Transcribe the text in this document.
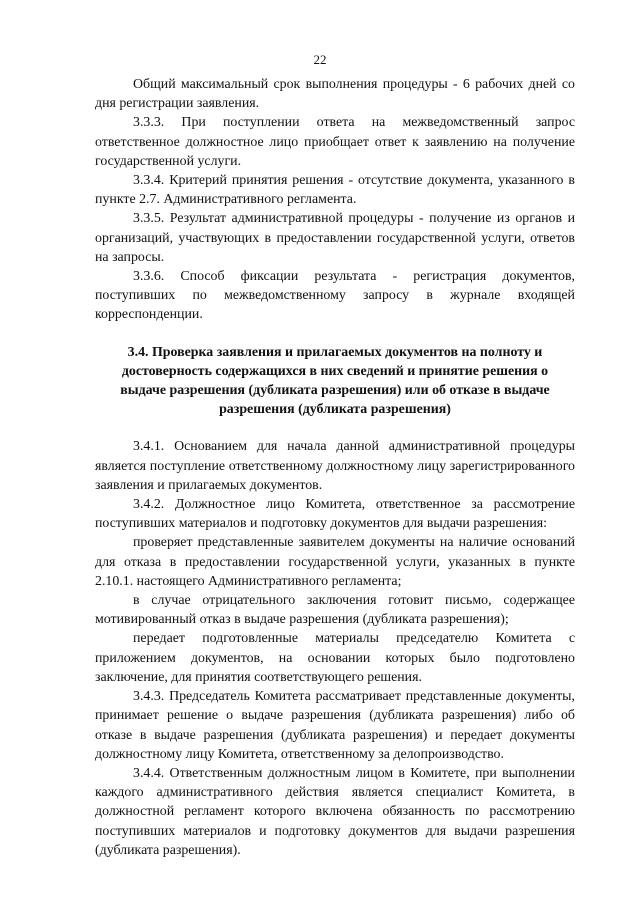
22

Общий максимальный срок выполнения процедуры - 6 рабочих дней со дня регистрации заявления.

3.3.3. При поступлении ответа на межведомственный запрос ответственное должностное лицо приобщает ответ к заявлению на получение государственной услуги.

3.3.4. Критерий принятия решения - отсутствие документа, указанного в пункте 2.7. Административного регламента.

3.3.5. Результат административной процедуры - получение из органов и организаций, участвующих в предоставлении государственной услуги, ответов на запросы.

3.3.6. Способ фиксации результата - регистрация документов, поступивших по межведомственному запросу в журнале входящей корреспонденции.

3.4. Проверка заявления и прилагаемых документов на полноту и достоверность содержащихся в них сведений и принятие решения о выдаче разрешения (дубликата разрешения) или об отказе в выдаче разрешения (дубликата разрешения)

3.4.1. Основанием для начала данной административной процедуры является поступление ответственному должностному лицу зарегистрированного заявления и прилагаемых документов.

3.4.2. Должностное лицо Комитета, ответственное за рассмотрение поступивших материалов и подготовку документов для выдачи разрешения:

проверяет представленные заявителем документы на наличие оснований для отказа в предоставлении государственной услуги, указанных в пункте 2.10.1. настоящего Административного регламента;

в случае отрицательного заключения готовит письмо, содержащее мотивированный отказ в выдаче разрешения (дубликата разрешения);

передает подготовленные материалы председателю Комитета с приложением документов, на основании которых было подготовлено заключение, для принятия соответствующего решения.

3.4.3. Председатель Комитета рассматривает представленные документы, принимает решение о выдаче разрешения (дубликата разрешения) либо об отказе в выдаче разрешения (дубликата разрешения) и передает документы должностному лицу Комитета, ответственному за делопроизводство.

3.4.4. Ответственным должностным лицом в Комитете, при выполнении каждого административного действия является специалист Комитета, в должностной регламент которого включена обязанность по рассмотрению поступивших материалов и подготовку документов для выдачи разрешения (дубликата разрешения).
